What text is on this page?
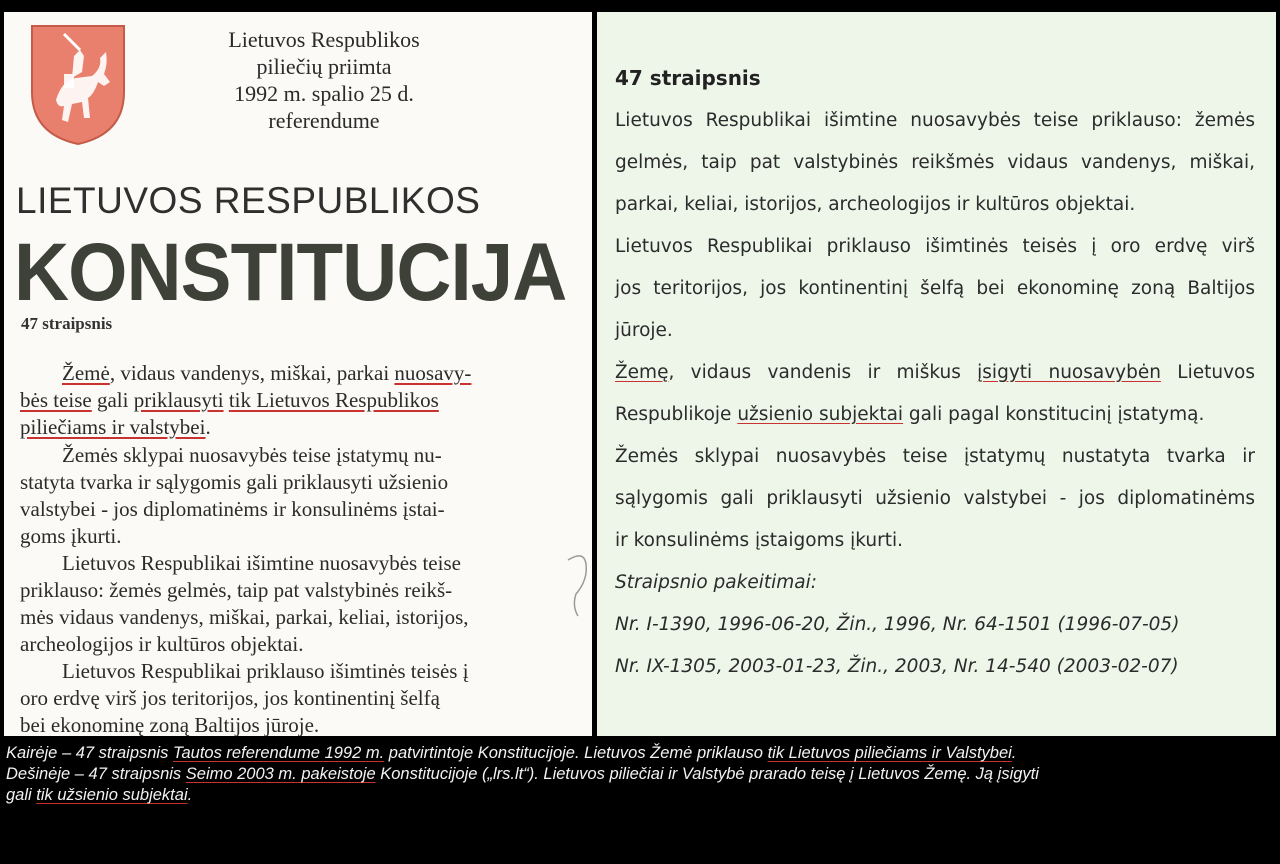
Lietuvos Respublikos
piliečių priimta
1992 m. spalio 25 d.
referendume
LIETUVOS RESPUBLIKOS
KONSTITUCIJA
47 straipsnis
Žemė, vidaus vandenys, miškai, parkai nuosavy-
bės teise gali priklausyti tik Lietuvos Respublikos
piliečiams ir valstybei.
Žemės sklypai nuosavybės teise įstatymų nu-
statyta tvarka ir sąlygomis gali priklausyti užsienio
valstybei - jos diplomatinėms ir konsulinėms įstai-
goms įkurti.
Lietuvos Respublikai išimtine nuosavybės teise
priklauso: žemės gelmės, taip pat valstybinės reikš-
mės vidaus vandenys, miškai, parkai, keliai, istorijos,
archeologijos ir kultūros objektai.
Lietuvos Respublikai priklauso išimtinės teisės į
oro erdvę virš jos teritorijos, jos kontinentinį šelfą
bei ekonominę zoną Baltijos jūroje.
47 straipsnis
Lietuvos Respublikai išimtine nuosavybės teise priklauso: žemės
gelmės, taip pat valstybinės reikšmės vidaus vandenys, miškai,
parkai, keliai, istorijos, archeologijos ir kultūros objektai.
Lietuvos Respublikai priklauso išimtinės teisės į oro erdvę virš
jos teritorijos, jos kontinentinį šelfą bei ekonominę zoną Baltijos
jūroje.
Žemę, vidaus vandenis ir miškus įsigyti nuosavybėn Lietuvos
Respublikoje užsienio subjektai gali pagal konstitucinį įstatymą.
Žemės sklypai nuosavybės teise įstatymų nustatyta tvarka ir
sąlygomis gali priklausyti užsienio valstybei - jos diplomatinėms
ir konsulinėms įstaigoms įkurti.
Straipsnio pakeitimai:
Nr. I-1390, 1996-06-20, Žin., 1996, Nr. 64-1501 (1996-07-05)
Nr. IX-1305, 2003-01-23, Žin., 2003, Nr. 14-540 (2003-02-07)
Kairėje – 47 straipsnis Tautos referendume 1992 m. patvirtintoje Konstitucijoje. Lietuvos Žemė priklauso tik Lietuvos piliečiams ir Valstybei.
Dešinėje – 47 straipsnis Seimo 2003 m. pakeistoje Konstitucijoje („lrs.lt“). Lietuvos piliečiai ir Valstybė prarado teisę į Lietuvos Žemę. Ją įsigyti
gali tik užsienio subjektai.
